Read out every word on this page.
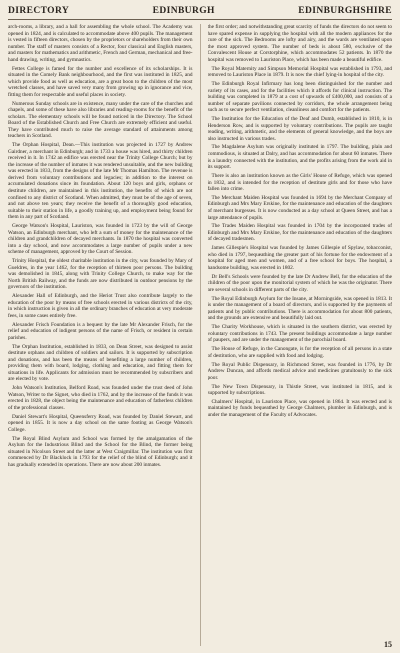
DIRECTORY	EDINBURGH	EDINBURGHSHIRE

arch-rooms, a library, and a hall for assembling the whole school. The Academy was opened in 1824, and is calculated to accommodate above 400 pupils. The management is vested in fifteen directors, chosen by the proprietors or shareholders from their own number. The staff of masters consists of a Rector, four classical and English masters, and masters for mathematics and arithmetic, French and German, mechanical and free-hand drawing, writing, and gymnastics.

Fettes College is famed for the number and excellence of its scholarships. It is situated in the Comely Bank neighbourhood, and the first was instituted in 1825, and which provide food as well as education, are a great boon to the children of the most wretched classes, and have saved very many from growing up in ignorance and vice, fitting them for respectable and useful places in society.

Numerous Sunday schools are in existence, many under the care of the churches and chapels, and some of these have also libraries and reading-rooms for the benefit of the scholars. The elementary schools will be found noticed in the Directory. The School Board of the Established Church and Free Church are extremely efficient and useful. They have contributed much to raise the average standard of attainments among teachers in Scotland.

The Orphan Hospital, Dean.—This institution was projected in 1727 by Andrew Gairdner, a merchant in Edinburgh; and in 1733 a house was hired, and thirty children received in it. In 1742 an edifice was erected near the Trinity College Church; but by the increase of the number of inmates it was rendered unsuitable, and the new building was erected in 1833, from the designs of the late Mr Thomas Hamilton. The revenue is derived from voluntary contributions and legacies; in addition to the interest on accumulated donations since its foundation. About 120 boys and girls, orphans or destitute children, are maintained in this institution, the benefits of which are not confined to any district of Scotland. When admitted, they must be of the age of seven, and not above ten years; they receive the benefit of a thoroughly good education, suitable to their station in life, a goodly training up, and employment being found for them in any part of Scotland.

George Watson's Hospital, Lauriston, was founded in 1723 by the will of George Watson, an Edinburgh merchant, who left a sum of money for the maintenance of the children and grandchildren of decayed merchants. In 1870 the hospital was converted into a day school, and now accommodates a large number of pupils under a new scheme of management, approved by the Court of Session.

Trinity Hospital, the oldest charitable institution in the city, was founded by Mary of Gueldres, in the year 1462, for the reception of thirteen poor persons. The building was demolished in 1845, along with Trinity College Church, to make way for the North British Railway, and the funds are now distributed in outdoor pensions by the governors of the institution.

Alexander Hall of Edinburgh, and the Heriot Trust also contribute largely to the education of the poor by means of free schools erected in various districts of the city, in which instruction is given in all the ordinary branches of education at very moderate fees, in some cases entirely free.

Alexander Frisch Foundation is a bequest by the late Mr Alexander Frisch, for the relief and education of indigent persons of the name of Frisch, or resident in certain parishes.

The Orphan Institution, established in 1833, on Dean Street, was designed to assist destitute orphans and children of soldiers and sailors. It is supported by subscription and donations, and has been the means of benefiting a large number of children, providing them with board, lodging, clothing and education, and fitting them for situations in life. Applicants for admission must be recommended by subscribers and are elected by vote.

John Watson's Institution, Belford Road, was founded under the trust deed of John Watson, Writer to the Signet, who died in 1762, and by the increase of the funds it was erected in 1828, the object being the maintenance and education of fatherless children of the professional classes.

Daniel Stewart's Hospital, Queensferry Road, was founded by Daniel Stewart, and opened in 1855. It is now a day school on the same footing as George Watson's College.

The Royal Blind Asylum and School was formed by the amalgamation of the Asylum for the Industrious Blind and the School for the Blind, the former being situated in Nicolson Street and the latter at West Craigmillar. The institution was first commenced by Dr Blacklock in 1793 for the relief of the blind of Edinburgh; and it has gradually extended its operations. There are now about 200 inmates.

the first order; and notwithstanding great scarcity of funds the directors do not seem to have spared expense in supplying the hospital with all the modern appliances for the cure of the sick. The Bedrooms are lofty and airy, and the wards are ventilated upon the most approved system. The number of beds is about 580, exclusive of the Convalescent House at Corstorphine, which accommodates 52 patients. In 1870 the hospital was removed to Lauriston Place, which has been made a beautiful edifice.

The Royal Maternity and Simpson Memorial Hospital was established in 1793, and removed to Lauriston Place in 1879. It is now the chief lying-in hospital of the city.

The Edinburgh Royal Infirmary has long been distinguished for the number and variety of its cases, and for the facilities which it affords for clinical instruction. The building was completed in 1879 at a cost of upwards of £400,000, and consists of a number of separate pavilions connected by corridors, the whole arrangement being such as to secure perfect ventilation, cleanliness and comfort for the patients.

The Institution for the Education of the Deaf and Dumb, established in 1810, is in Henderson Row, and is supported by voluntary contributions. The pupils are taught reading, writing, arithmetic, and the elements of general knowledge, and the boys are also instructed in various trades.

The Magdalene Asylum was originally instituted in 1797. The building, plain and commodious, is situated at Dalry, and has accommodation for about 60 inmates. There is a laundry connected with the institution, and the profits arising from the work aid in its support.

There is also an institution known as the Girls' House of Refuge, which was opened in 1832, and is intended for the reception of destitute girls and for those who have fallen into crime.

The Merchant Maiden Hospital was founded in 1694 by the Merchant Company of Edinburgh and Mrs Mary Erskine, for the maintenance and education of the daughters of merchant burgesses. It is now conducted as a day school at Queen Street, and has a large attendance of pupils.

The Trades Maiden Hospital was founded in 1704 by the incorporated trades of Edinburgh and Mrs Mary Erskine, for the maintenance and education of the daughters of decayed tradesmen.

James Gillespie's Hospital was founded by James Gillespie of Spylaw, tobacconist, who died in 1797, bequeathing the greater part of his fortune for the endowment of a hospital for aged men and women, and of a free school for boys. The hospital, a handsome building, was erected in 1802.

Dr Bell's Schools were founded by the late Dr Andrew Bell, for the education of the children of the poor upon the monitorial system of which he was the originator. There are several schools in different parts of the city.

The Royal Edinburgh Asylum for the Insane, at Morningside, was opened in 1813. It is under the management of a board of directors, and is supported by the payments of patients and by public contributions. There is accommodation for about 800 patients, and the grounds are extensive and beautifully laid out.

The Charity Workhouse, which is situated in the southern district, was erected by voluntary contributions in 1743. The present buildings accommodate a large number of paupers, and are under the management of the parochial board.

The House of Refuge, in the Canongate, is for the reception of all persons in a state of destitution, who are supplied with food and lodging.

The Royal Public Dispensary, in Richmond Street, was founded in 1776, by Dr Andrew Duncan, and affords medical advice and medicines gratuitously to the sick poor.

The New Town Dispensary, in Thistle Street, was instituted in 1815, and is supported by subscriptions.

Chalmers' Hospital, in Lauriston Place, was opened in 1864. It was erected and is maintained by funds bequeathed by George Chalmers, plumber in Edinburgh, and is under the management of the Faculty of Advocates.

15
